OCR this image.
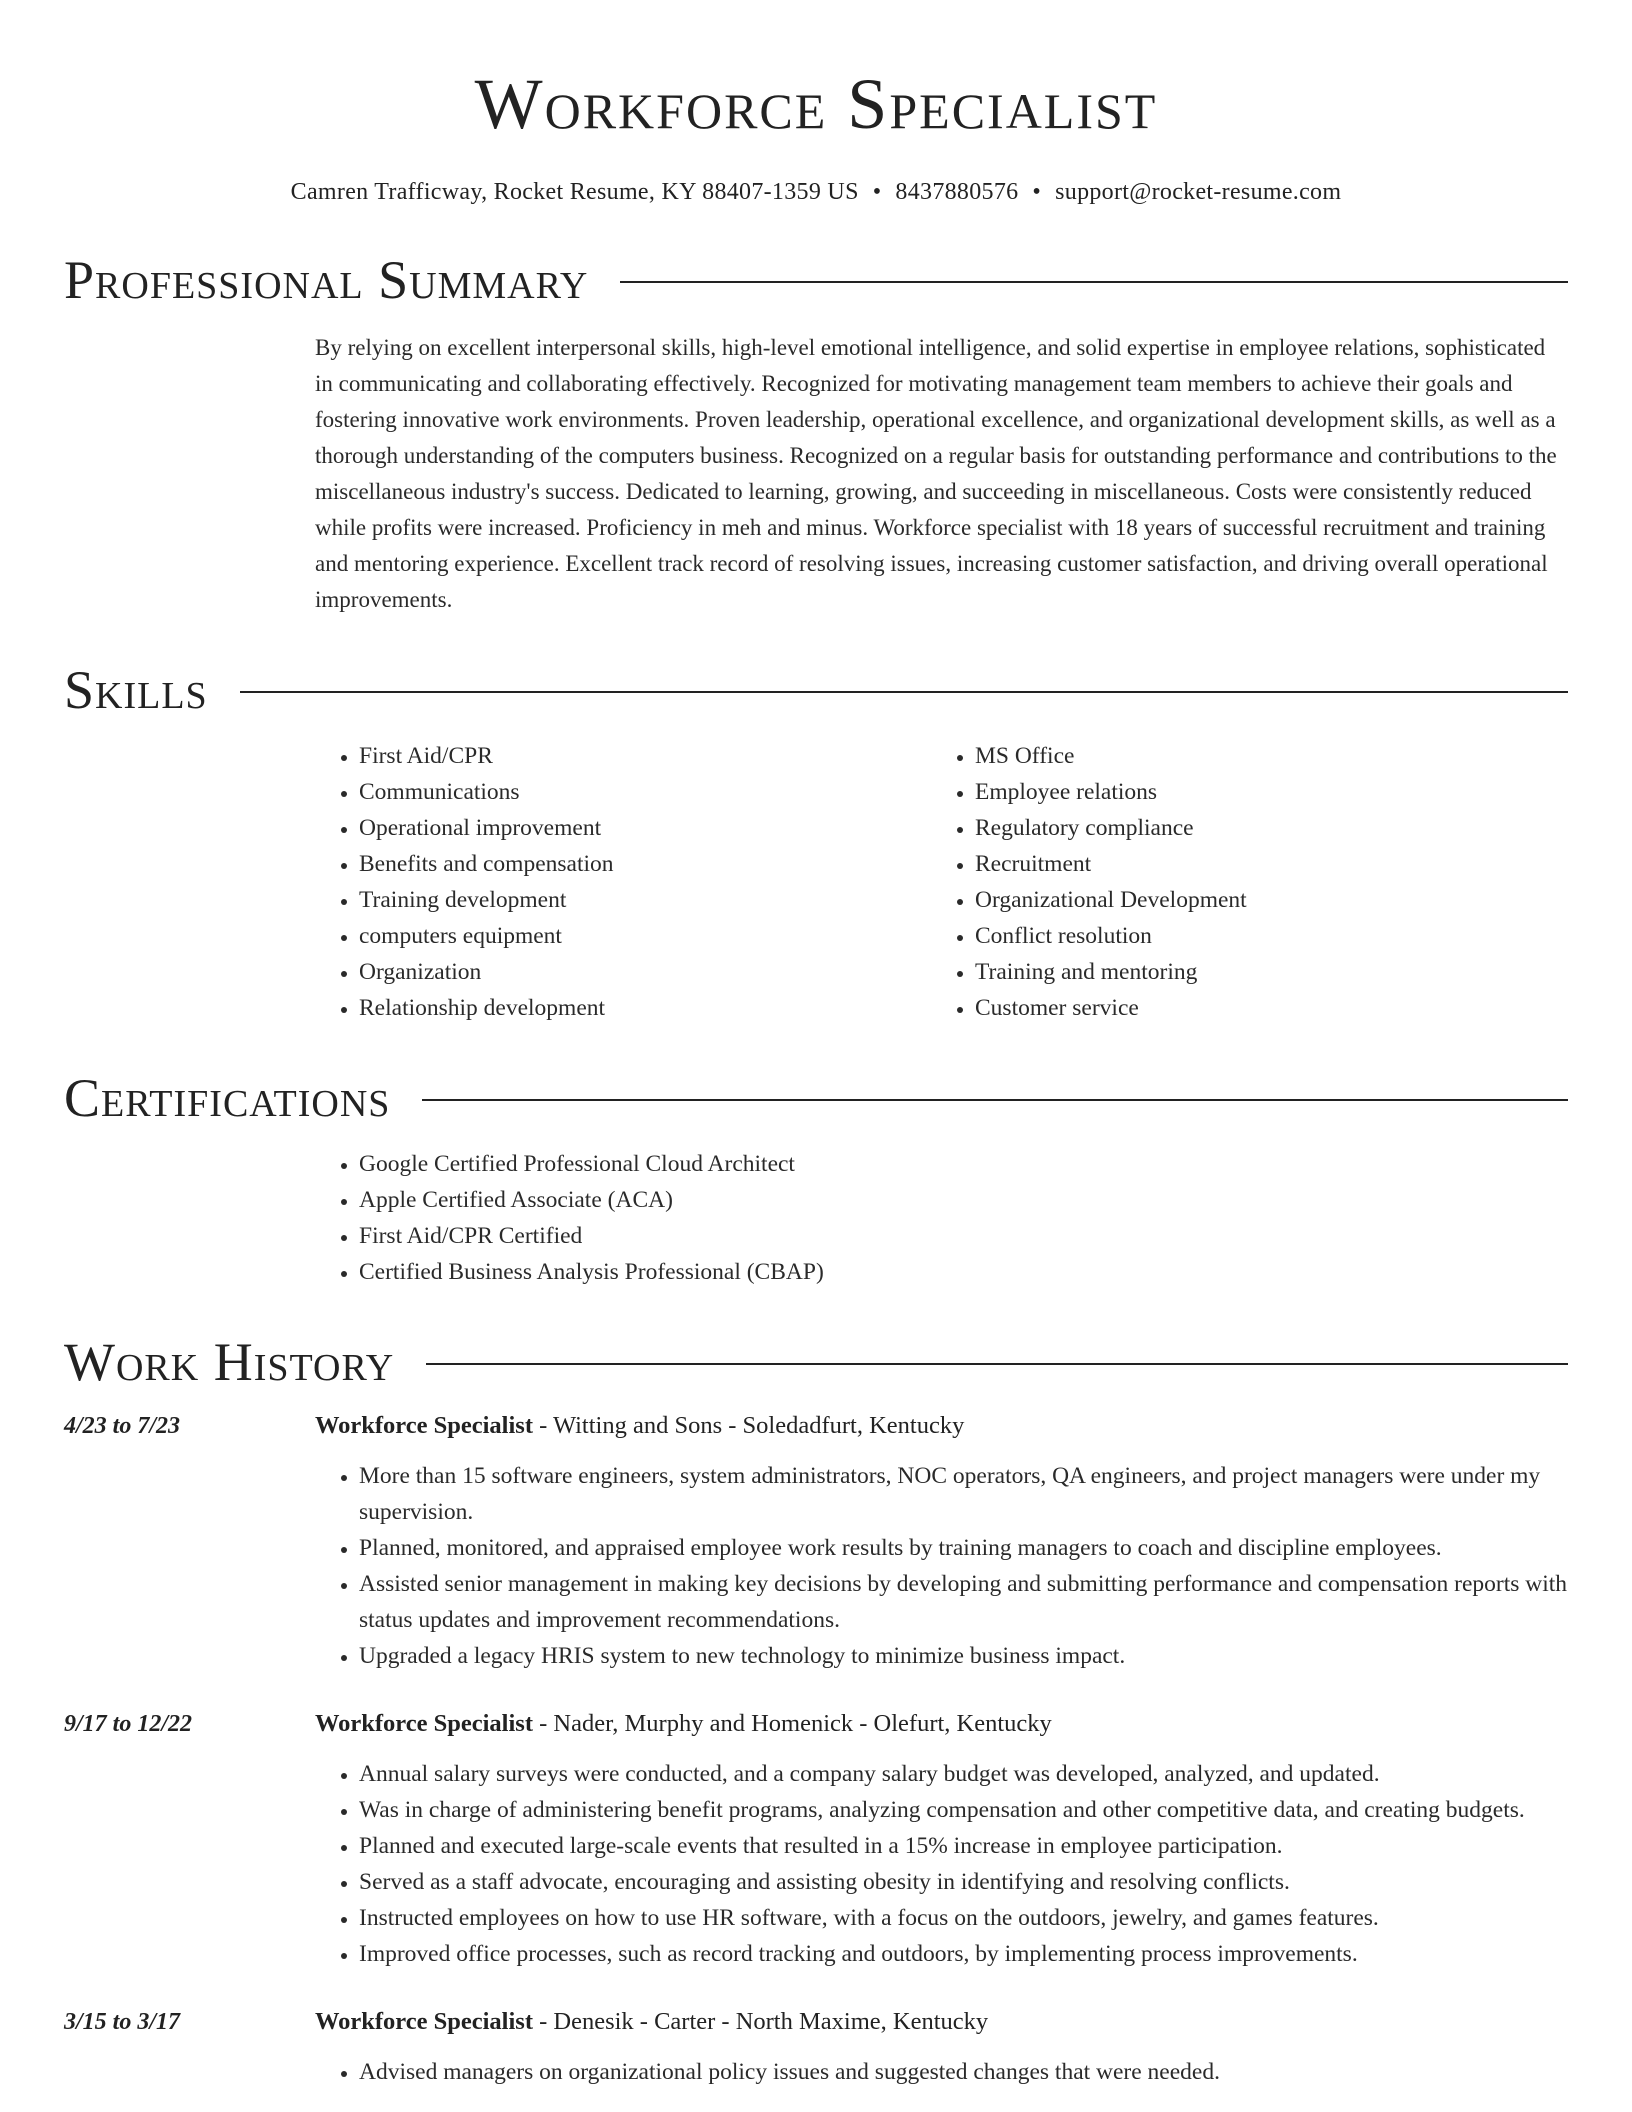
Workforce Specialist
Camren Trafficway, Rocket Resume, KY 88407-1359 US • 8437880576 • support@rocket-resume.com
Professional Summary
By relying on excellent interpersonal skills, high-level emotional intelligence, and solid expertise in employee relations, sophisticated in communicating and collaborating effectively. Recognized for motivating management team members to achieve their goals and fostering innovative work environments. Proven leadership, operational excellence, and organizational development skills, as well as a thorough understanding of the computers business. Recognized on a regular basis for outstanding performance and contributions to the miscellaneous industry's success. Dedicated to learning, growing, and succeeding in miscellaneous. Costs were consistently reduced while profits were increased. Proficiency in meh and minus. Workforce specialist with 18 years of successful recruitment and training and mentoring experience. Excellent track record of resolving issues, increasing customer satisfaction, and driving overall operational improvements.
Skills
• First Aid/CPR
• Communications
• Operational improvement
• Benefits and compensation
• Training development
• computers equipment
• Organization
• Relationship development
• MS Office
• Employee relations
• Regulatory compliance
• Recruitment
• Organizational Development
• Conflict resolution
• Training and mentoring
• Customer service
Certifications
• Google Certified Professional Cloud Architect
• Apple Certified Associate (ACA)
• First Aid/CPR Certified
• Certified Business Analysis Professional (CBAP)
Work History
4/23 to 7/23	Workforce Specialist - Witting and Sons - Soledadfurt, Kentucky
• More than 15 software engineers, system administrators, NOC operators, QA engineers, and project managers were under my supervision.
• Planned, monitored, and appraised employee work results by training managers to coach and discipline employees.
• Assisted senior management in making key decisions by developing and submitting performance and compensation reports with status updates and improvement recommendations.
• Upgraded a legacy HRIS system to new technology to minimize business impact.
9/17 to 12/22	Workforce Specialist - Nader, Murphy and Homenick - Olefurt, Kentucky
• Annual salary surveys were conducted, and a company salary budget was developed, analyzed, and updated.
• Was in charge of administering benefit programs, analyzing compensation and other competitive data, and creating budgets.
• Planned and executed large-scale events that resulted in a 15% increase in employee participation.
• Served as a staff advocate, encouraging and assisting obesity in identifying and resolving conflicts.
• Instructed employees on how to use HR software, with a focus on the outdoors, jewelry, and games features.
• Improved office processes, such as record tracking and outdoors, by implementing process improvements.
3/15 to 3/17	Workforce Specialist - Denesik - Carter - North Maxime, Kentucky
• Advised managers on organizational policy issues and suggested changes that were needed.
